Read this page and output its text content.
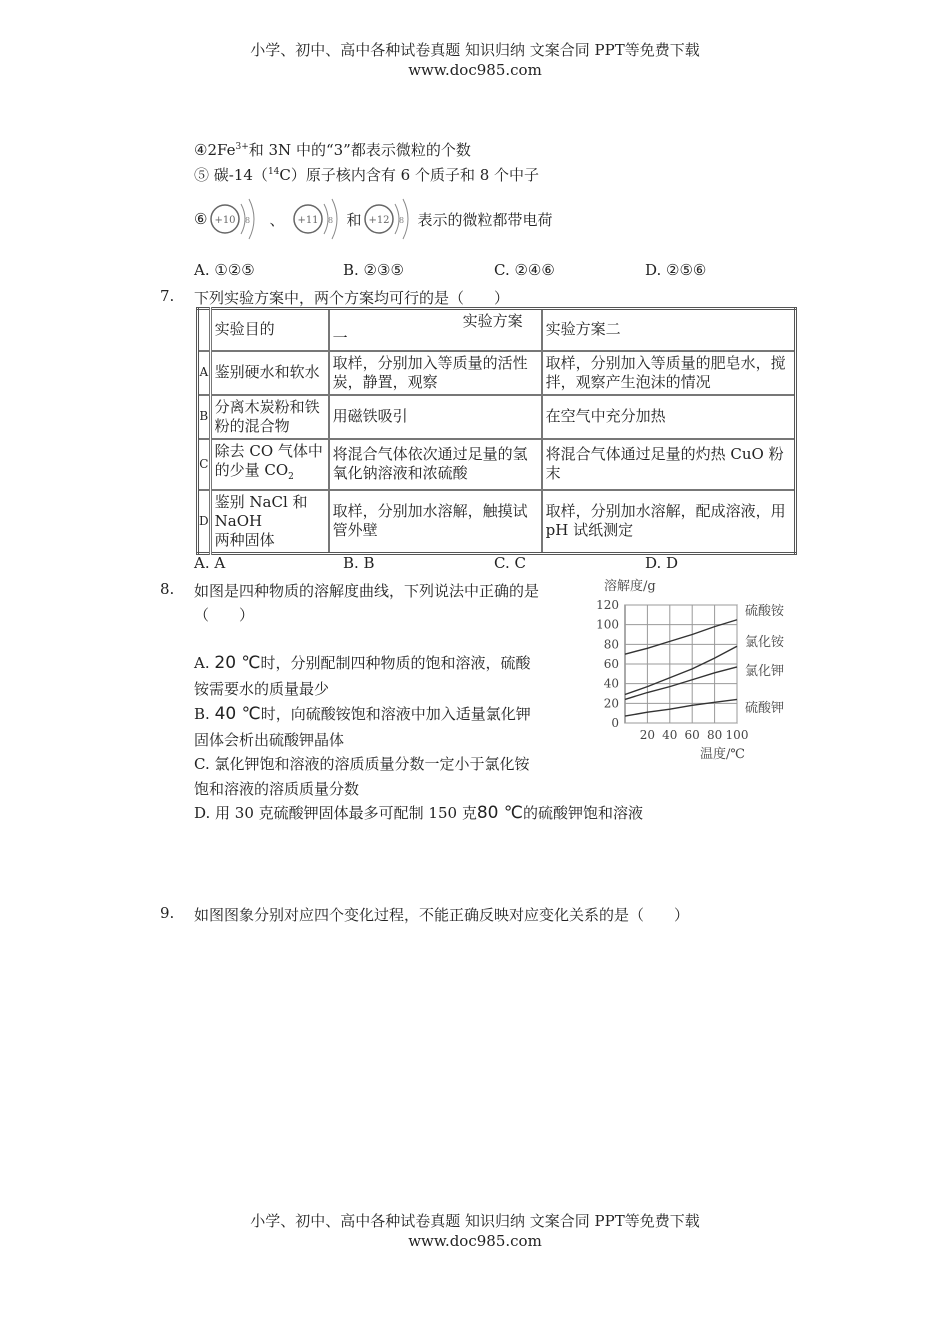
小学、初中、高中各种试卷真题 知识归纳 文案合同 PPT等免费下载
www.doc985.com
$④2Fe^{3+}$和 3N 中的“3”都表示微粒的个数
⑤ 碳-14（$^{14}$C）原子核内含有 6 个质子和 8 个中子
⑥ +10 8 、 +11 8 和 +12 8 表示的微粒都带电荷
A. ①②⑤	B. ②③⑤	C. ②④⑥	D. ②⑤⑥
7. 下列实验方案中，两个方案均可行的是（　　）
	实验目的	实验方案一	实验方案二
A	鉴别硬水和软水	取样，分别加入等质量的活性炭，静置，观察	取样，分别加入等质量的肥皂水，搅拌，观察产生泡沫的情况
B	分离木炭粉和铁粉的混合物	用磁铁吸引	在空气中充分加热
C	除去 CO 气体中的少量 $CO_2$	将混合气体依次通过足量的氢氧化钠溶液和浓硫酸	将混合气体通过足量的灼热 CuO 粉末
D	鉴别 NaCl 和
NaOH
两种固体	取样，分别加水溶解，触摸试管外壁	取样，分别加水溶解，配成溶液，用 pH 试纸测定
A. A	B. B	C. C	D. D
8. 如图是四种物质的溶解度曲线，下列说法中正确的是
（　　）
A. 20 ℃时，分别配制四种物质的饱和溶液，硫酸
铵需要水的质量最少
B. 40 ℃时，向硫酸铵饱和溶液中加入适量氯化钾
固体会析出硫酸钾晶体
C. 氯化钾饱和溶液的溶质质量分数一定小于氯化铵
饱和溶液的溶质质量分数
D. 用 30 克硫酸钾固体最多可配制 150 克80 ℃的硫酸钾饱和溶液
0
20
40
60
80
100
120
20 40 60 80 100
硫酸铵
氯化铵
氯化钾
硫酸钾
溶解度/g
温度/℃
9. 如图图象分别对应四个变化过程，不能正确反映对应变化关系的是（　　）
小学、初中、高中各种试卷真题 知识归纳 文案合同 PPT等免费下载
www.doc985.com
